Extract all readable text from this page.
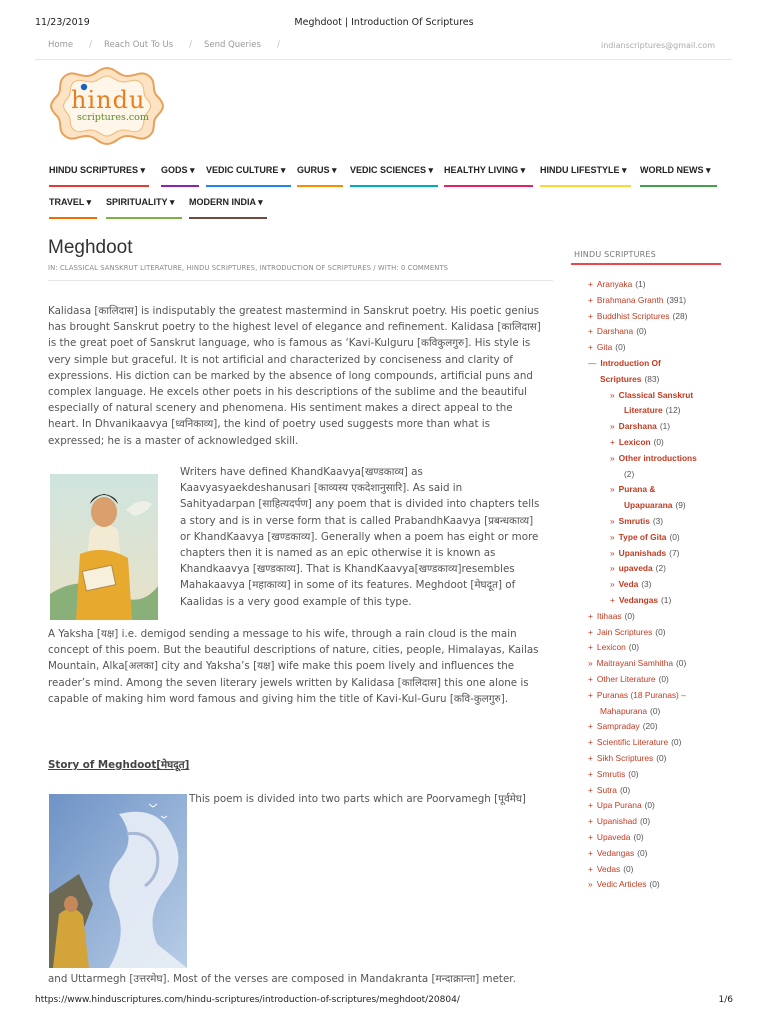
11/23/2019	Meghdoot | Introduction Of Scriptures
Home / Reach Out To Us / Send Queries /	indianscriptures@gmail.com
hindu
scriptures.com
HINDU SCRIPTURES ▾	GODS ▾	VEDIC CULTURE ▾	GURUS ▾	VEDIC SCIENCES ▾	HEALTHY LIVING ▾	HINDU LIFESTYLE ▾	WORLD NEWS ▾
TRAVEL ▾	SPIRITUALITY ▾	MODERN INDIA ▾
Meghdoot
IN: CLASSICAL SANSKRUT LITERATURE, HINDU SCRIPTURES, INTRODUCTION OF SCRIPTURES / WITH: 0 COMMENTS
Kalidasa [कालिदास] is indisputably the greatest mastermind in Sanskrut poetry. His poetic genius
has brought Sanskrut poetry to the highest level of elegance and refinement. Kalidasa [कालिदास]
is the great poet of Sanskrut language, who is famous as ‘Kavi-Kulguru [कविकुलगुरु]. His style is
very simple but graceful. It is not artificial and characterized by conciseness and clarity of
expressions. His diction can be marked by the absence of long compounds, artificial puns and
complex language. He excels other poets in his descriptions of the sublime and the beautiful
especially of natural scenery and phenomena. His sentiment makes a direct appeal to the
heart. In Dhvanikaavya [ध्वनिकाव्य], the kind of poetry used suggests more than what is
expressed; he is a master of acknowledged skill.
Writers have defined KhandKaavya[खण्डकाव्य] as
Kaavyasyaekdeshanusari [काव्यस्य एकदेशानुसारि]. As said in
Sahityadarpan [साहित्यदर्पण] any poem that is divided into chapters tells
a story and is in verse form that is called PrabandhKaavya [प्रबन्धकाव्य]
or KhandKaavya [खण्डकाव्य]. Generally when a poem has eight or more
chapters then it is named as an epic otherwise it is known as
Khandkaavya [खण्डकाव्य]. That is KhandKaavya[खण्डकाव्य]resembles
Mahakaavya [महाकाव्य] in some of its features. Meghdoot [मेघदूत] of
Kaalidas is a very good example of this type.
A Yaksha [यक्ष] i.e. demigod sending a message to his wife, through a rain cloud is the main
concept of this poem. But the beautiful descriptions of nature, cities, people, Himalayas, Kailas
Mountain, Alka[अलका] city and Yaksha’s [यक्ष] wife make this poem lively and influences the
reader’s mind. Among the seven literary jewels written by Kalidasa [कालिदास] this one alone is
capable of making him word famous and giving him the title of Kavi-Kul-Guru [कवि-कुलगुरु].
Story of Meghdoot[मेघदूत]
This poem is divided into two parts which are Poorvamegh [पूर्वमेघ]
and Uttarmegh [उत्तरमेघ]. Most of the verses are composed in Mandakranta [मन्दाक्रान्ता] meter.
HINDU SCRIPTURES
+ Aranyaka (1)
+ Brahmana Granth (391)
+ Buddhist Scriptures (28)
+ Darshana (0)
+ Gita (0)
— Introduction Of
Scriptures (83)
» Classical Sanskrut
Literature (12)
» Darshana (1)
+ Lexicon (0)
» Other introductions
(2)
» Purana &
Upapuarana (9)
» Smrutis (3)
» Type of Gita (0)
» Upanishads (7)
» upaveda (2)
» Veda (3)
+ Vedangas (1)
+ Itihaas (0)
+ Jain Scriptures (0)
+ Lexicon (0)
» Maitrayani Samhitha (0)
+ Other Literature (0)
+ Puranas (18 Puranas) –
Mahapurana (0)
+ Sampraday (20)
+ Scientific Literature (0)
+ Sikh Scriptures (0)
+ Smrutis (0)
+ Sutra (0)
+ Upa Purana (0)
+ Upanishad (0)
+ Upaveda (0)
+ Vedangas (0)
+ Vedas (0)
» Vedic Articles (0)
https://www.hinduscriptures.com/hindu-scriptures/introduction-of-scriptures/meghdoot/20804/	1/6
